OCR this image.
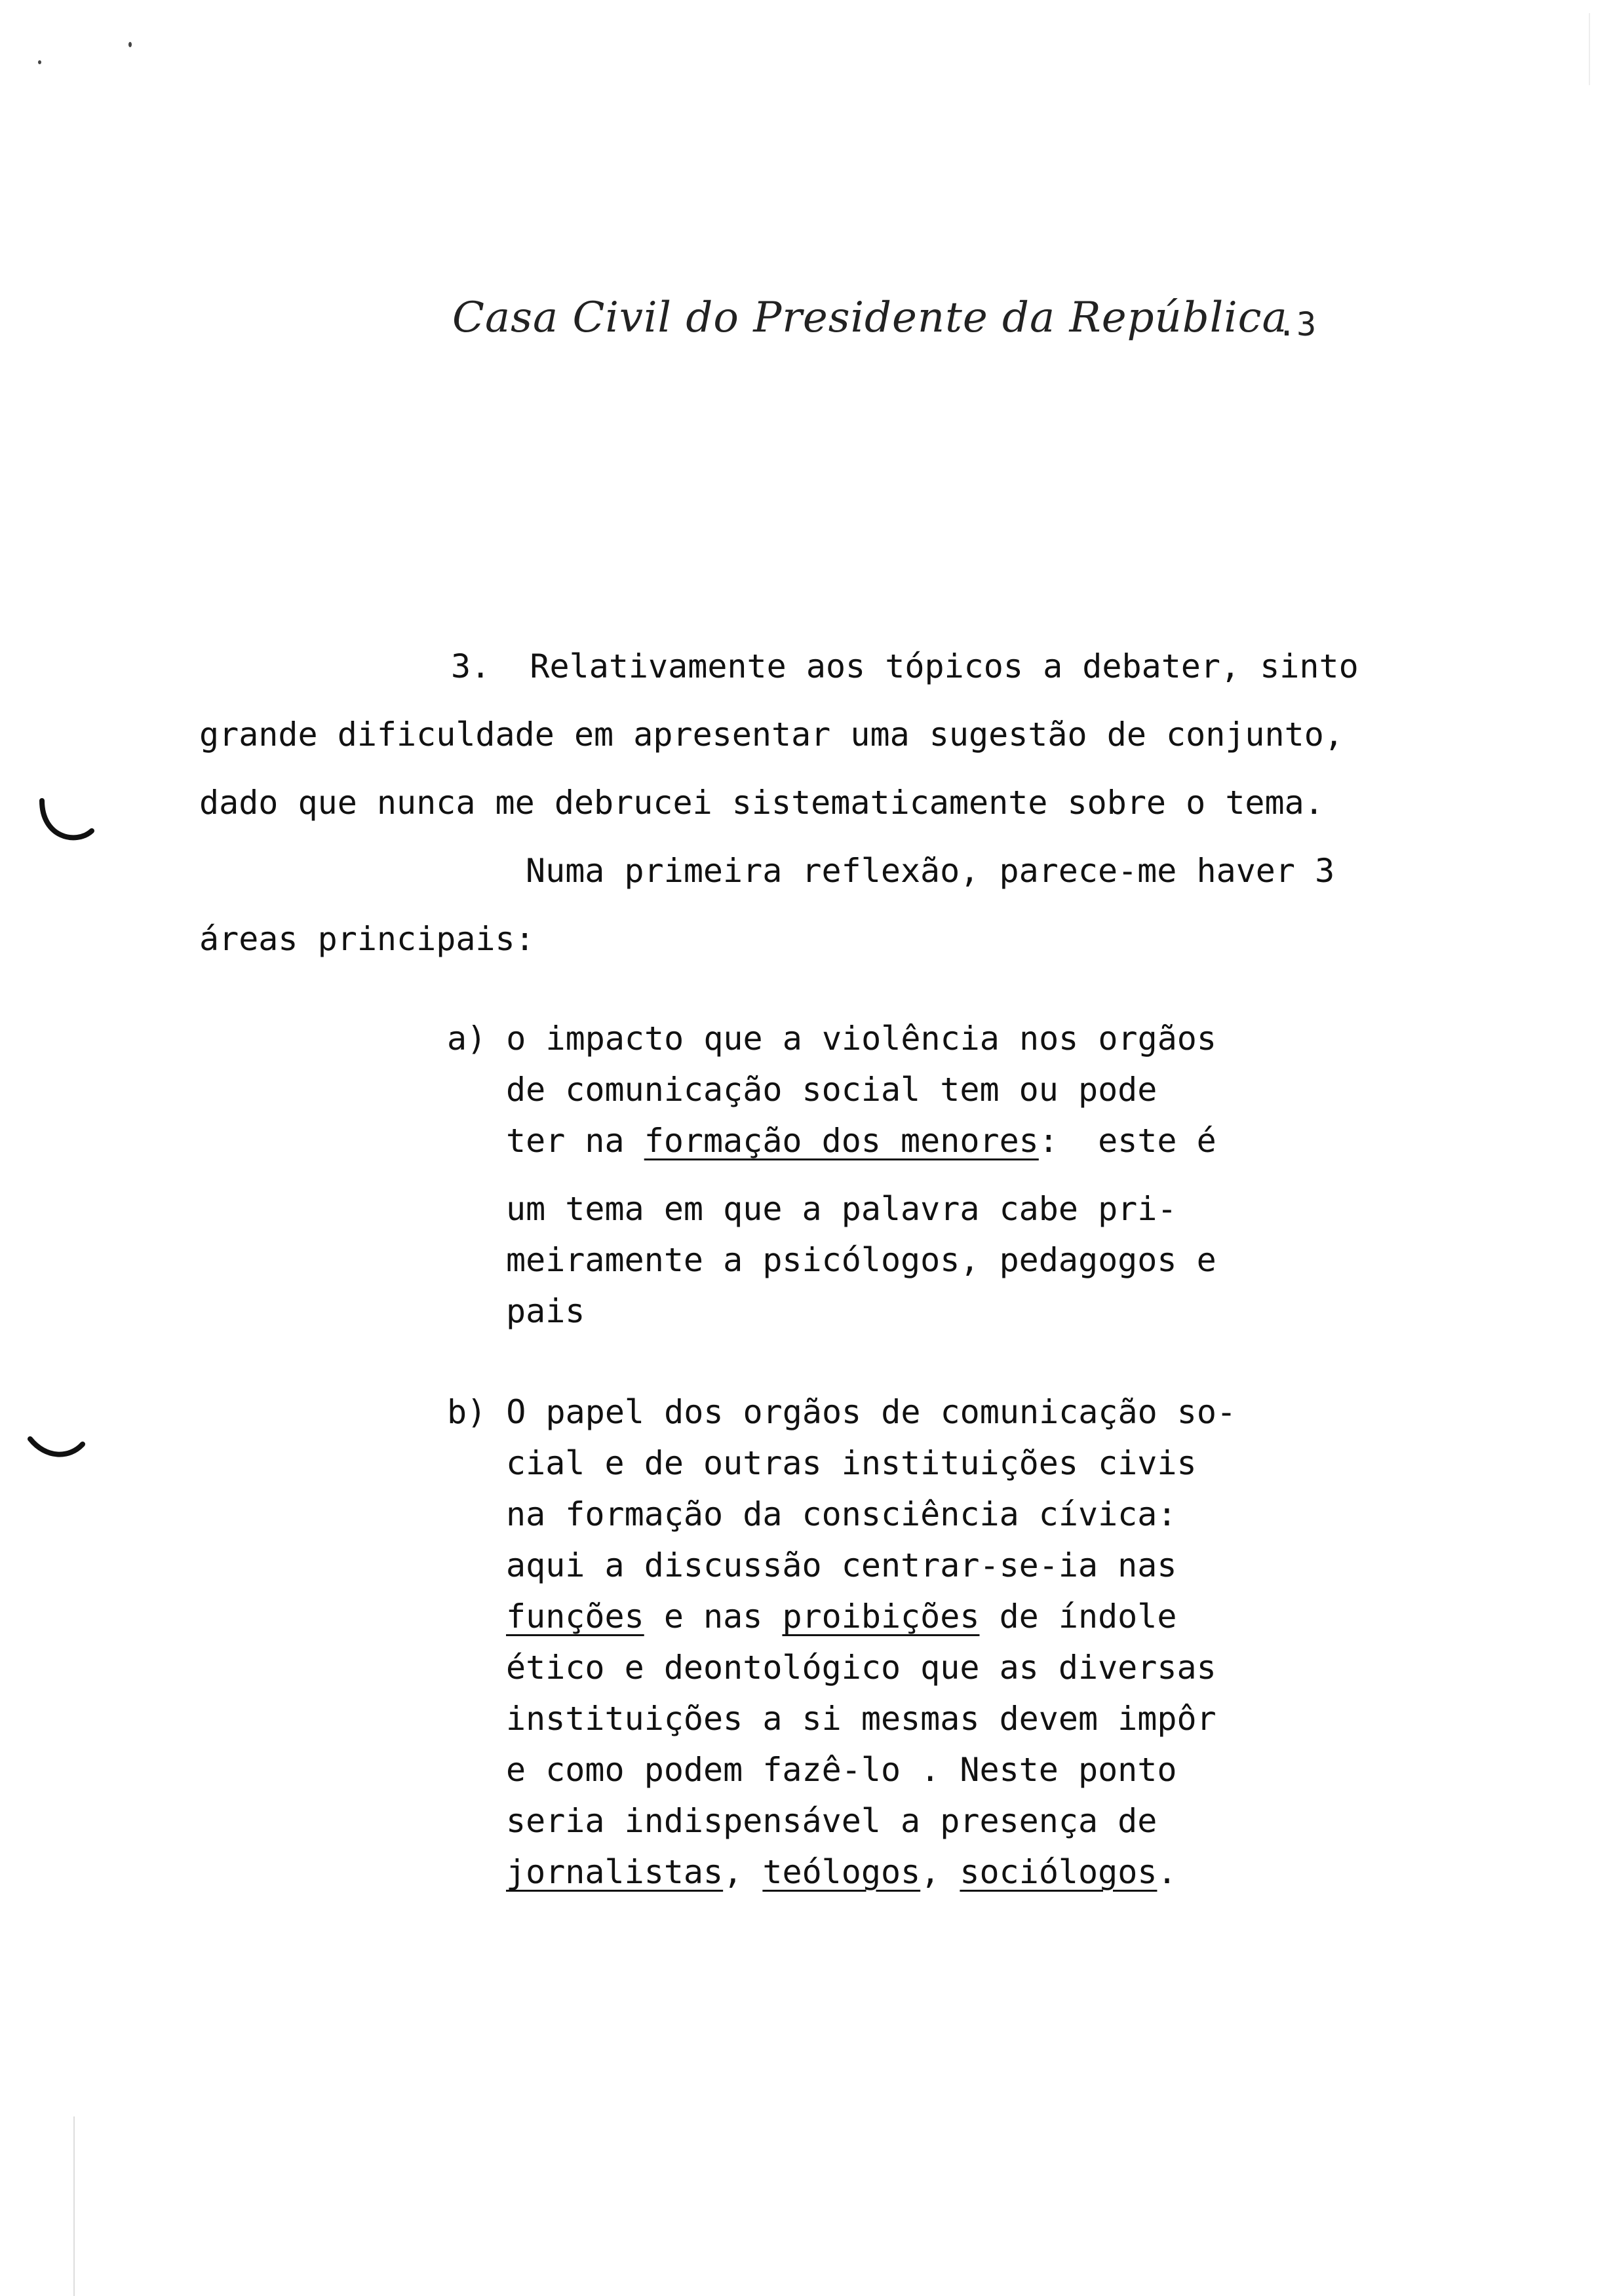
Casa Civil do Presidente da República
.3
3.  Relativamente aos tópicos a debater, sinto
grande dificuldade em apresentar uma sugestão de conjunto,
dado que nunca me debrucei sistematicamente sobre o tema.
Numa primeira reflexão, parece-me haver 3
áreas principais:
a) o impacto que a violência nos orgãos
de comunicação social tem ou pode
ter na formação dos menores:  este é
um tema em que a palavra cabe pri-
meiramente a psicólogos, pedagogos e
pais
b) O papel dos orgãos de comunicação so-
cial e de outras instituições civis
na formação da consciência cívica:
aqui a discussão centrar-se-ia nas
funções e nas proibições de índole
ético e deontológico que as diversas
instituições a si mesmas devem impôr
e como podem fazê-lo . Neste ponto
seria indispensável a presença de
jornalistas, teólogos, sociólogos.
